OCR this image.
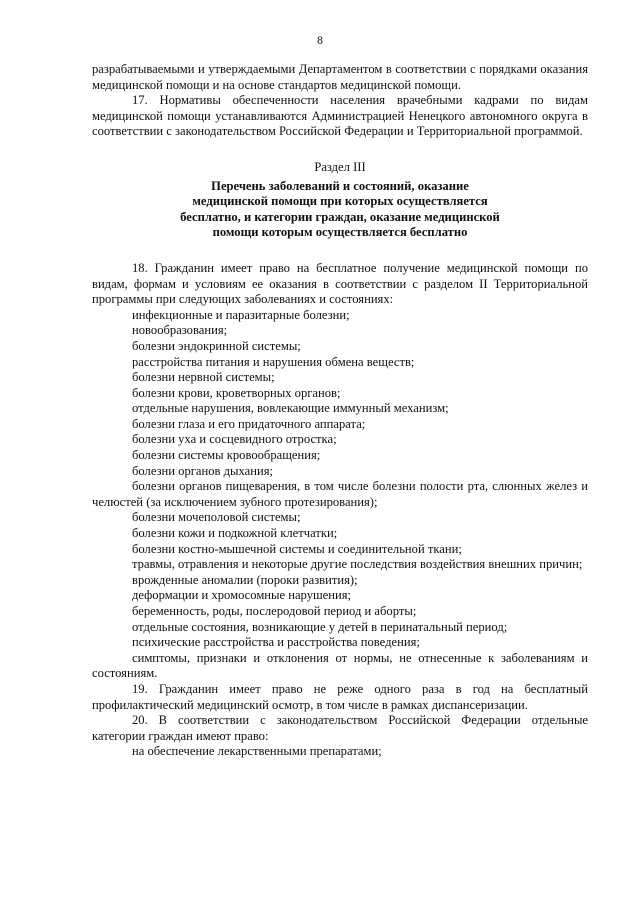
8

разрабатываемыми и утверждаемыми Департаментом в соответствии с порядками оказания медицинской помощи и на основе стандартов медицинской помощи.

17. Нормативы обеспеченности населения врачебными кадрами по видам медицинской помощи устанавливаются Администрацией Ненецкого автономного округа в соответствии с законодательством Российской Федерации и Территориальной программой.

Раздел III

Перечень заболеваний и состояний, оказание медицинской помощи при которых осуществляется бесплатно, и категории граждан, оказание медицинской помощи которым осуществляется бесплатно

18. Гражданин имеет право на бесплатное получение медицинской помощи по видам, формам и условиям ее оказания в соответствии с разделом II Территориальной программы при следующих заболеваниях и состояниях:

инфекционные и паразитарные болезни;

новообразования;

болезни эндокринной системы;

расстройства питания и нарушения обмена веществ;

болезни нервной системы;

болезни крови, кроветворных органов;

отдельные нарушения, вовлекающие иммунный механизм;

болезни глаза и его придаточного аппарата;

болезни уха и сосцевидного отростка;

болезни системы кровообращения;

болезни органов дыхания;

болезни органов пищеварения, в том числе болезни полости рта, слюнных желез и челюстей (за исключением зубного протезирования);

болезни мочеполовой системы;

болезни кожи и подкожной клетчатки;

болезни костно-мышечной системы и соединительной ткани;

травмы, отравления и некоторые другие последствия воздействия внешних причин;

врожденные аномалии (пороки развития);

деформации и хромосомные нарушения;

беременность, роды, послеродовой период и аборты;

отдельные состояния, возникающие у детей в перинатальный период;

психические расстройства и расстройства поведения;

симптомы, признаки и отклонения от нормы, не отнесенные к заболеваниям и состояниям.

19. Гражданин имеет право не реже одного раза в год на бесплатный профилактический медицинский осмотр, в том числе в рамках диспансеризации.

20. В соответствии с законодательством Российской Федерации отдельные категории граждан имеют право:

на обеспечение лекарственными препаратами;
